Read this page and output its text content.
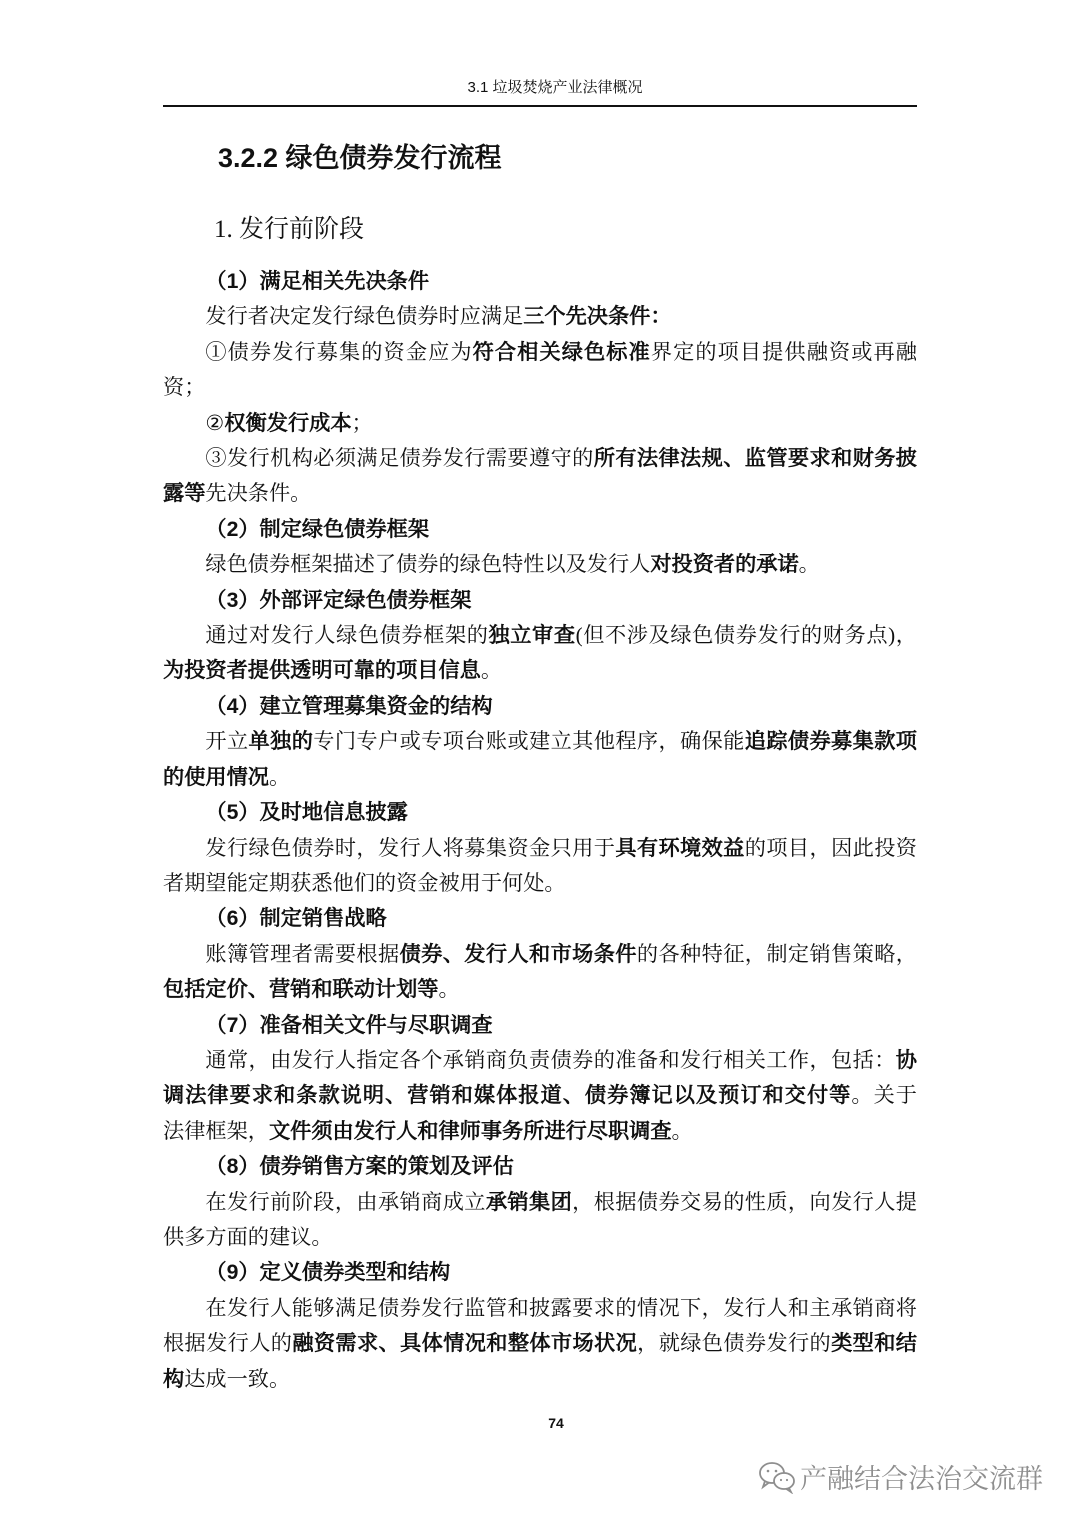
3.1 垃圾焚烧产业法律概况
3.2.2 绿色债券发行流程
1. 发行前阶段
（1）满足相关先决条件
发行者决定发行绿色债券时应满足三个先决条件：
①债券发行募集的资金应为符合相关绿色标准界定的项目提供融资或再融
资；
②权衡发行成本；
③发行机构必须满足债券发行需要遵守的所有法律法规、监管要求和财务披
露等先决条件。
（2）制定绿色债券框架
绿色债券框架描述了债券的绿色特性以及发行人对投资者的承诺。
（3）外部评定绿色债券框架
通过对发行人绿色债券框架的独立审查(但不涉及绿色债券发行的财务点)，
为投资者提供透明可靠的项目信息。
（4）建立管理募集资金的结构
开立单独的专门专户或专项台账或建立其他程序，确保能追踪债券募集款项
的使用情况。
（5）及时地信息披露
发行绿色债券时，发行人将募集资金只用于具有环境效益的项目，因此投资
者期望能定期获悉他们的资金被用于何处。
（6）制定销售战略
账簿管理者需要根据债券、发行人和市场条件的各种特征，制定销售策略，
包括定价、营销和联动计划等。
（7）准备相关文件与尽职调查
通常，由发行人指定各个承销商负责债券的准备和发行相关工作，包括：协
调法律要求和条款说明、营销和媒体报道、债券簿记以及预订和交付等。关于
法律框架，文件须由发行人和律师事务所进行尽职调查。
（8）债券销售方案的策划及评估
在发行前阶段，由承销商成立承销集团，根据债券交易的性质，向发行人提
供多方面的建议。
（9）定义债券类型和结构
在发行人能够满足债券发行监管和披露要求的情况下，发行人和主承销商将
根据发行人的融资需求、具体情况和整体市场状况，就绿色债券发行的类型和结
构达成一致。
74
产融结合法治交流群
